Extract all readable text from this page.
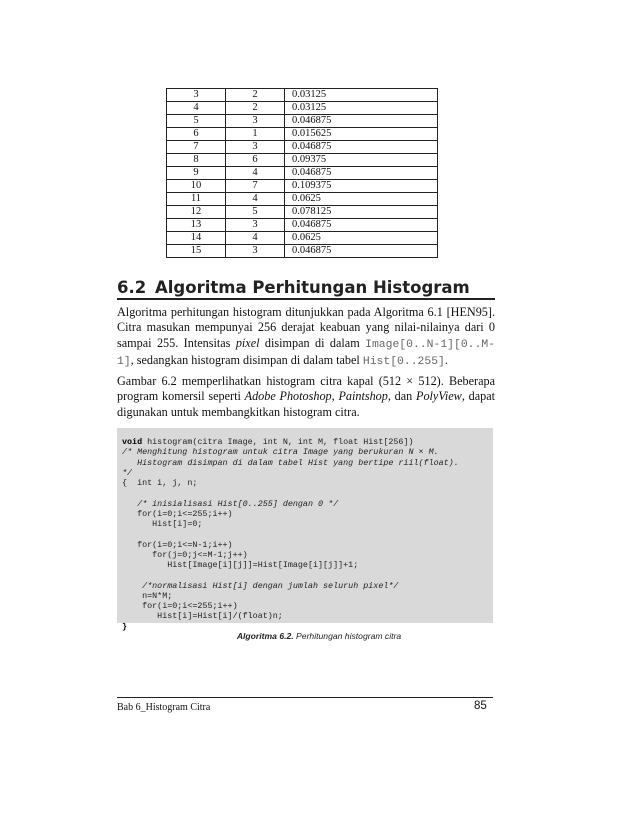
3	2	0.03125
4	2	0.03125
5	3	0.046875
6	1	0.015625
7	3	0.046875
8	6	0.09375
9	4	0.046875
10	7	0.109375
11	4	0.0625
12	5	0.078125
13	3	0.046875
14	4	0.0625
15	3	0.046875
6.2 Algoritma Perhitungan Histogram
Algoritma perhitungan histogram ditunjukkan pada Algoritma 6.1 [HEN95]. Citra masukan mempunyai 256 derajat keabuan yang nilai-nilainya dari 0 sampai 255. Intensitas pixel disimpan di dalam Image[0..N-1][0..M-1], sedangkan histogram disimpan di dalam tabel Hist[0..255].
Gambar 6.2 memperlihatkan histogram citra kapal (512 × 512). Beberapa program komersil seperti Adobe Photoshop, Paintshop, dan PolyView, dapat digunakan untuk membangkitkan histogram citra.
void histogram(citra Image, int N, int M, float Hist[256])
/* Menghitung histogram untuk citra Image yang berukuran N × M.
Histogram disimpan di dalam tabel Hist yang bertipe riil(float).
*/
{  int i, j, n;

/* inisialisasi Hist[0..255] dengan 0 */
for(i=0;i<=255;i++)
Hist[i]=0;

for(i=0;i<=N-1;i++)
for(j=0;j<=M-1;j++)
Hist[Image[i][j]]=Hist[Image[i][j]]+1;

/*normalisasi Hist[i] dengan jumlah seluruh pixel*/
n=N*M;
for(i=0;i<=255;i++)
Hist[i]=Hist[i]/(float)n;
}
Algoritma 6.2. Perhitungan histogram citra
Bab 6_Histogram Citra	85
